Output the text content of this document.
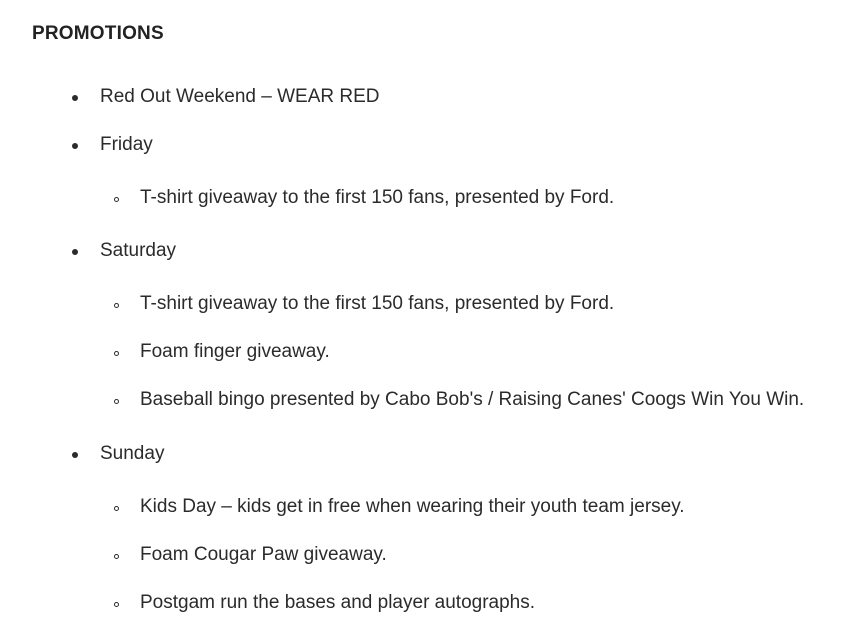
PROMOTIONS
Red Out Weekend – WEAR RED
Friday
T-shirt giveaway to the first 150 fans, presented by Ford.
Saturday
T-shirt giveaway to the first 150 fans, presented by Ford.
Foam finger giveaway.
Baseball bingo presented by Cabo Bob's / Raising Canes' Coogs Win You Win.
Sunday
Kids Day – kids get in free when wearing their youth team jersey.
Foam Cougar Paw giveaway.
Postgam run the bases and player autographs.
